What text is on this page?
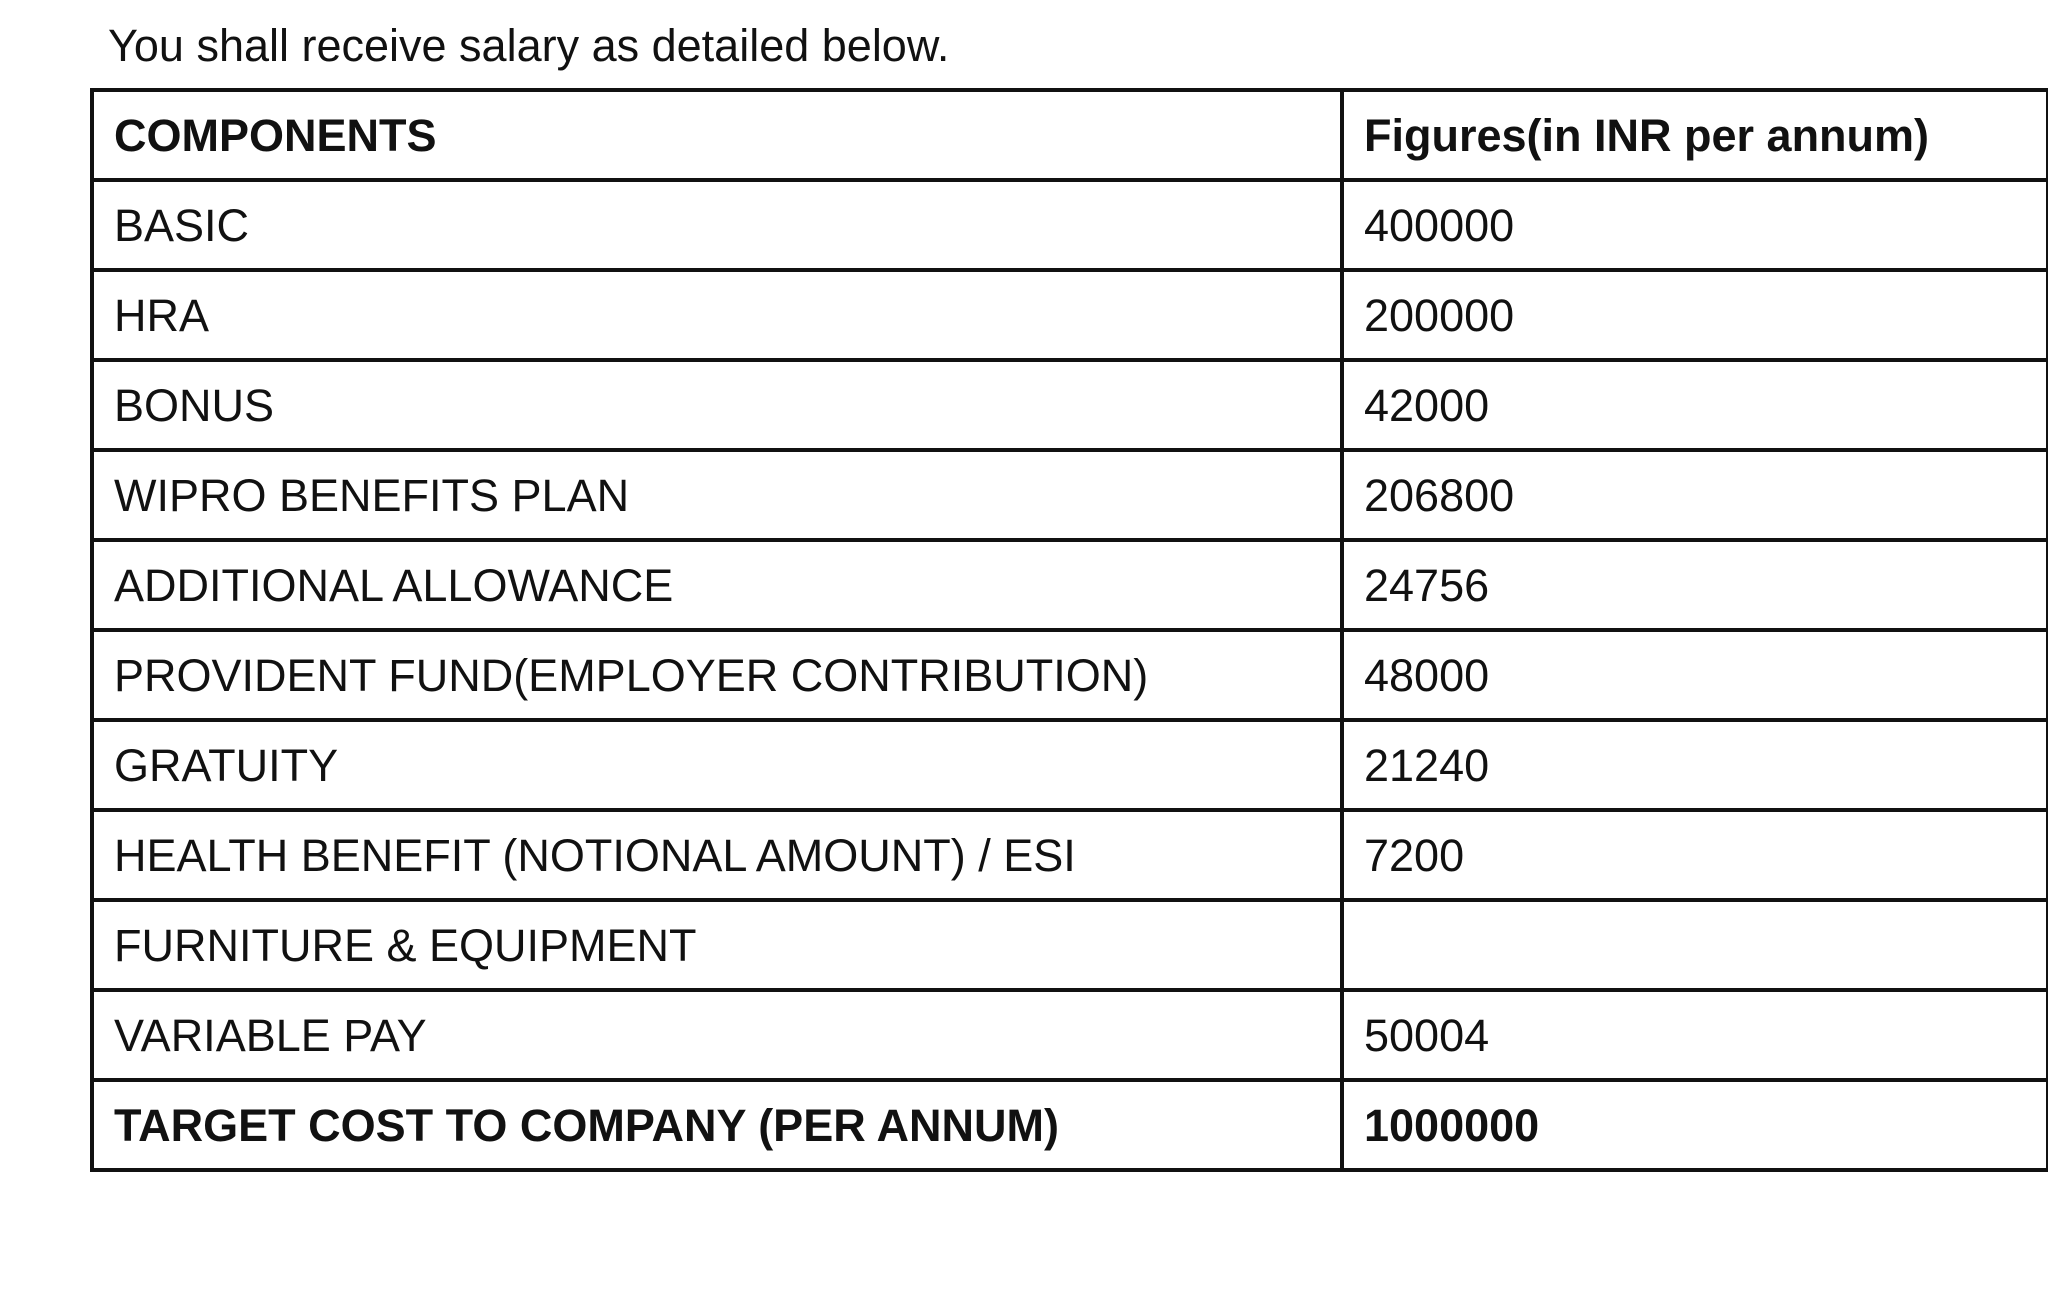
You shall receive salary as detailed below.

COMPONENTS	Figures(in INR per annum)
BASIC	400000
HRA	200000
BONUS	42000
WIPRO BENEFITS PLAN	206800
ADDITIONAL ALLOWANCE	24756
PROVIDENT FUND(EMPLOYER CONTRIBUTION)	48000
GRATUITY	21240
HEALTH BENEFIT (NOTIONAL AMOUNT) / ESI	7200
FURNITURE & EQUIPMENT	
VARIABLE PAY	50004
TARGET COST TO COMPANY (PER ANNUM)	1000000
